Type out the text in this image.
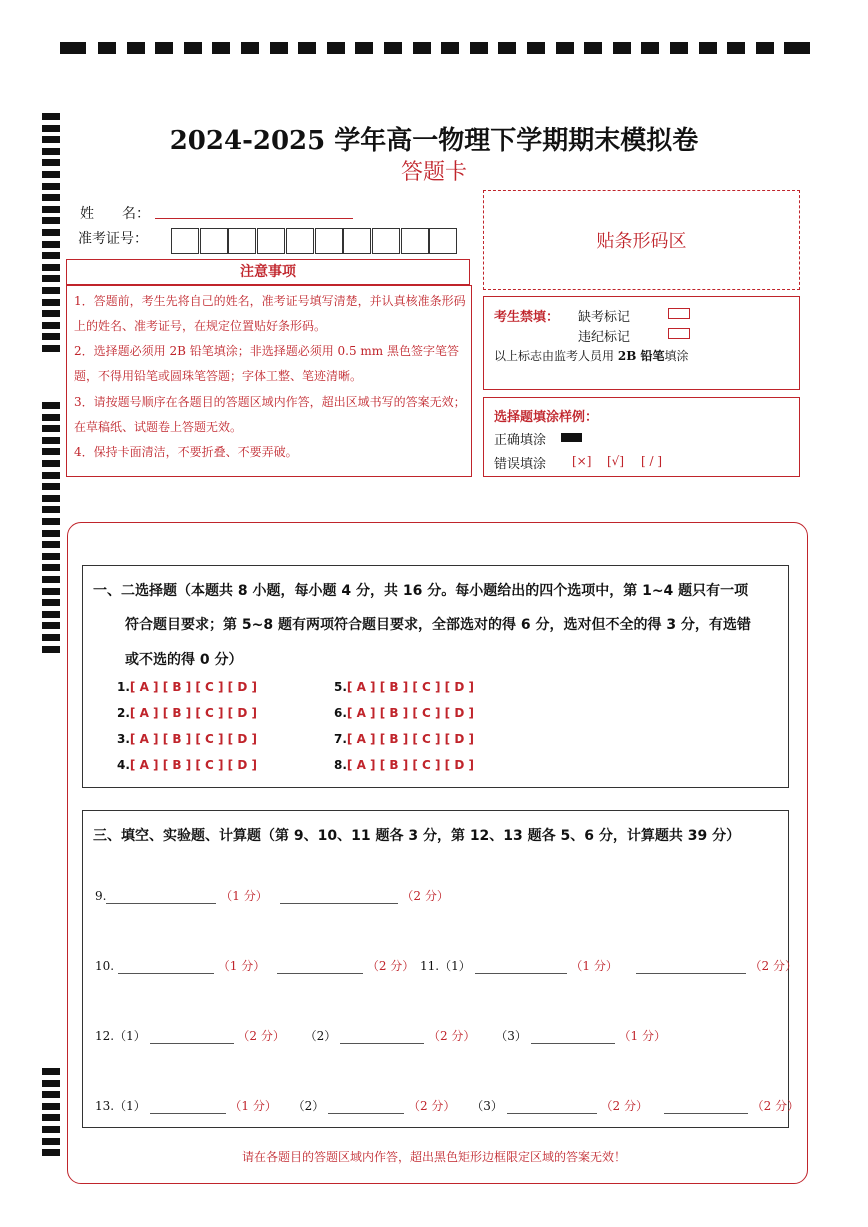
2024-2025 学年高一物理下学期期末模拟卷
答题卡
姓　　名：
准考证号：	贴条形码区
注意事项
1．答题前，考生先将自己的姓名，准考证号填写清楚，并认真核准条形码上的姓名、准考证号，在规定位置贴好条形码。
2．选择题必须用 2B 铅笔填涂；非选择题必须用 0.5 mm 黑色签字笔答题，不得用铅笔或圆珠笔答题；字体工整、笔迹清晰。
3．请按题号顺序在各题目的答题区域内作答，超出区域书写的答案无效；在草稿纸、试题卷上答题无效。
4．保持卡面清洁，不要折叠、不要弄破。
考生禁填： 缺考标记
违纪标记
以上标志由监考人员用 2B 铅笔填涂
选择题填涂样例：
正确填涂
错误填涂 [×] [√] [ / ]
一、二选择题（本题共 8 小题，每小题 4 分，共 16 分。每小题给出的四个选项中，第 1~4 题只有一项
符合题目要求；第 5~8 题有两项符合题目要求，全部选对的得 6 分，选对但不全的得 3 分，有选错
或不选的得 0 分）
1.[ A ] [ B ] [ C ] [ D ]
2.[ A ] [ B ] [ C ] [ D ]
3.[ A ] [ B ] [ C ] [ D ]
4.[ A ] [ B ] [ C ] [ D ]
5.[ A ] [ B ] [ C ] [ D ]
6.[ A ] [ B ] [ C ] [ D ]
7.[ A ] [ B ] [ C ] [ D ]
8.[ A ] [ B ] [ C ] [ D ]
三、填空、实验题、计算题（第 9、10、11 题各 3 分，第 12、13 题各 5、6 分，计算题共 39 分）
9.	（1 分）	（2 分）
10.	（1 分）	（2 分） 11.（1）	（1 分）	（2 分）
12.（1）	（2 分） （2）	（2 分） （3）	（1 分）
13.（1）	（1 分） （2）	（2 分） （3）	（2 分）	（2 分）
请在各题目的答题区域内作答，超出黑色矩形边框限定区域的答案无效！
